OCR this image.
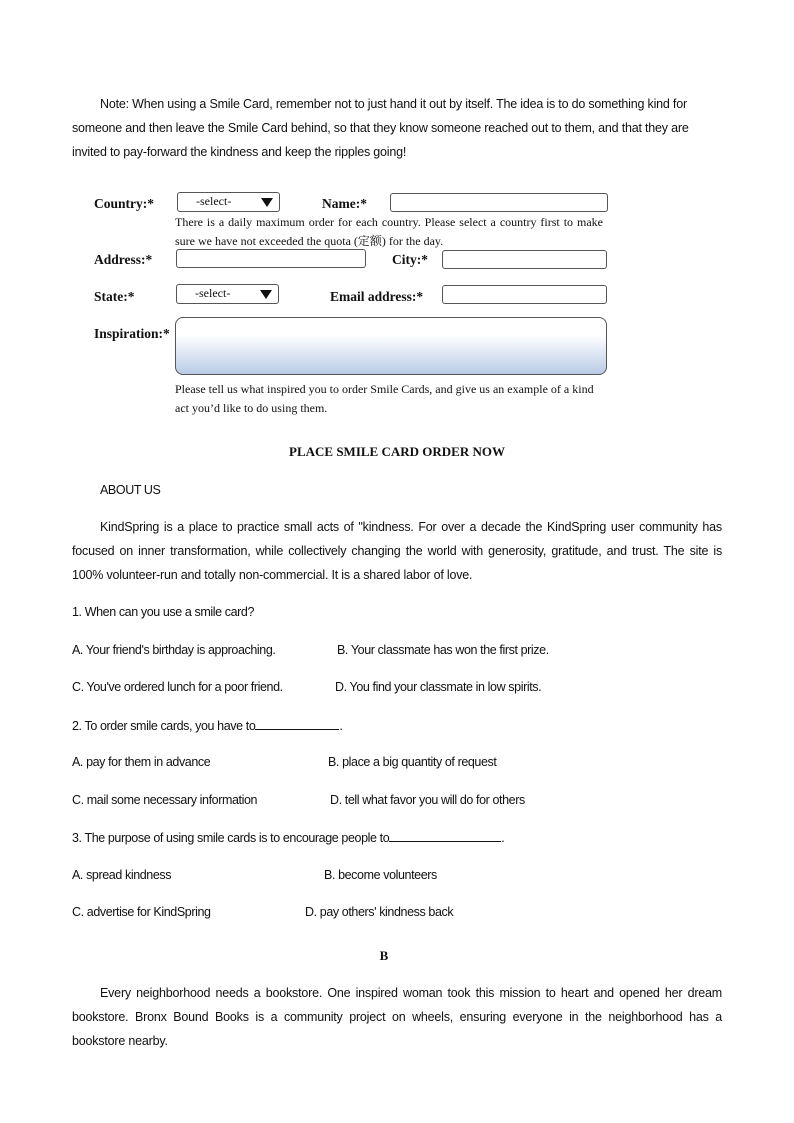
Note: When using a Smile Card, remember not to just hand it out by itself. The idea is to do something kind for someone and then leave the Smile Card behind, so that they know someone reached out to them, and that they are invited to pay-forward the kindness and keep the ripples going!
Country:*	-select-	Name:*
There is a daily maximum order for each country. Please select a country first to make sure we have not exceeded the quota (定额) for the day.
Address:*	City:*
State:*	-select-	Email address:*
Inspiration:*
Please tell us what inspired you to order Smile Cards, and give us an example of a kind act you’d like to do using them.
PLACE SMILE CARD ORDER NOW
ABOUT US
KindSpring is a place to practice small acts of "kindness. For over a decade the KindSpring user community has focused on inner transformation, while collectively changing the world with generosity, gratitude, and trust. The site is 100% volunteer-run and totally non-commercial. It is a shared labor of love.
1. When can you use a smile card?
A. Your friend's birthday is approaching.	B. Your classmate has won the first prize.
C. You've ordered lunch for a poor friend.	D. You find your classmate in low spirits.
2. To order smile cards, you have to	.
A. pay for them in advance	B. place a big quantity of request
C. mail some necessary information	D. tell what favor you will do for others
3. The purpose of using smile cards is to encourage people to	.
A. spread kindness	B. become volunteers
C. advertise for KindSpring	D. pay others' kindness back
B
Every neighborhood needs a bookstore. One inspired woman took this mission to heart and opened her dream bookstore. Bronx Bound Books is a community project on wheels, ensuring everyone in the neighborhood has a bookstore nearby.
